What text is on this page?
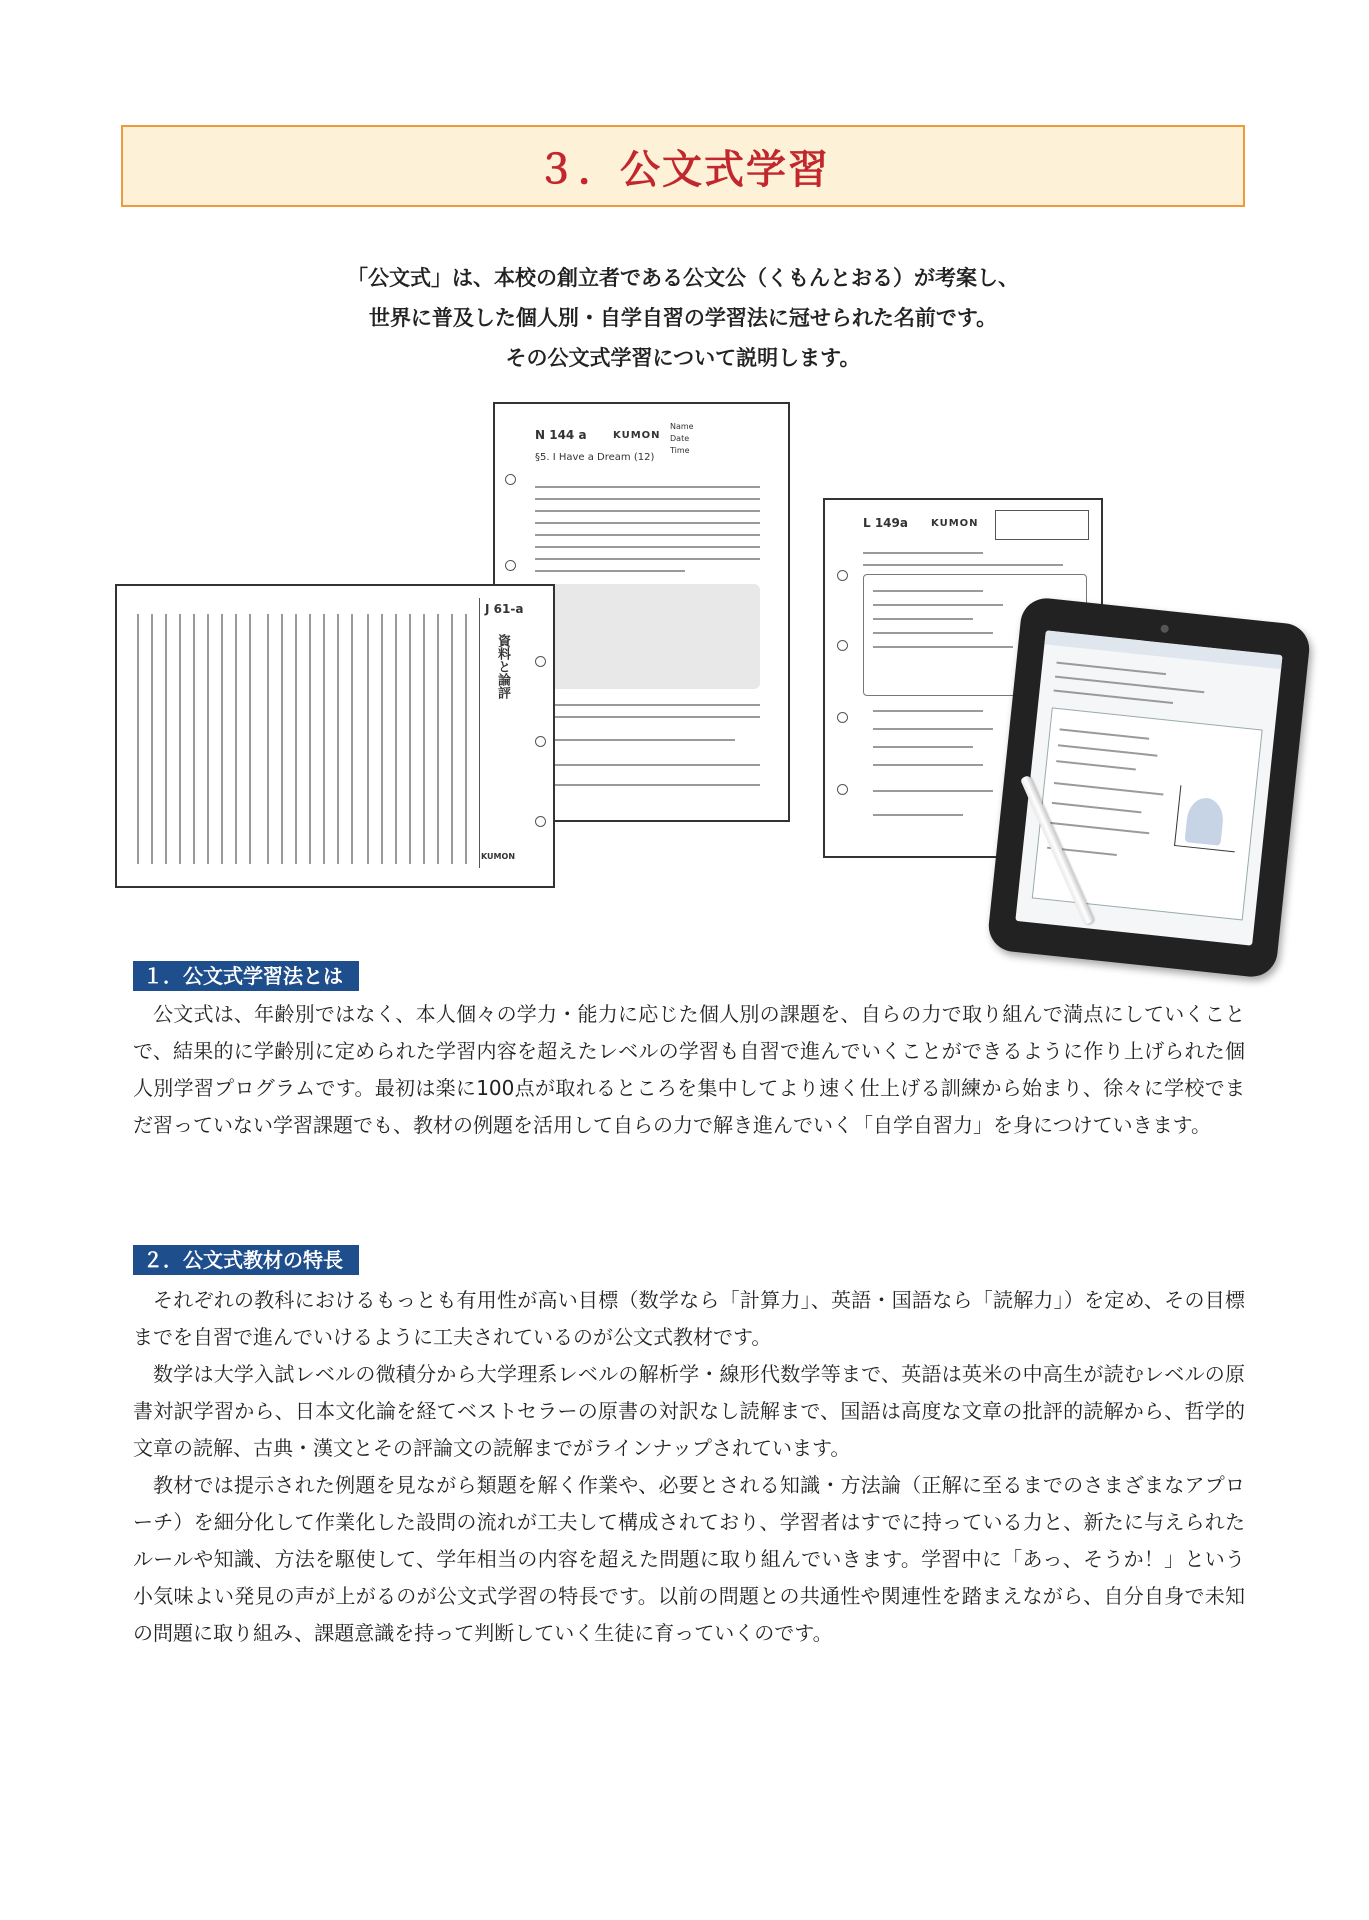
３．公文式学習

「公文式」は、本校の創立者である公文公（くもんとおる）が考案し、

世界に普及した個人別・自学自習の学習法に冠せられた名前です。

その公文式学習について説明します。

N 144 a	KUMON
Name
Date
Time
§5. I Have a Dream (12)
J 61-a
資料と論評
KUMON
L 149a KUMON
１．公文式学習法とは

公文式は、年齢別ではなく、本人個々の学力・能力に応じた個人別の課題を、自らの力で取り組んで満点にしていくことで、結果的に学齢別に定められた学習内容を超えたレベルの学習も自習で進んでいくことができるように作り上げられた個人別学習プログラムです。最初は楽に100点が取れるところを集中してより速く仕上げる訓練から始まり、徐々に学校でまだ習っていない学習課題でも、教材の例題を活用して自らの力で解き進んでいく「自学自習力」を身につけていきます。

２．公文式教材の特長

それぞれの教科におけるもっとも有用性が高い目標（数学なら「計算力」、英語・国語なら「読解力」）を定め、その目標までを自習で進んでいけるように工夫されているのが公文式教材です。

数学は大学入試レベルの微積分から大学理系レベルの解析学・線形代数学等まで、英語は英米の中高生が読むレベルの原書対訳学習から、日本文化論を経てベストセラーの原書の対訳なし読解まで、国語は高度な文章の批評的読解から、哲学的文章の読解、古典・漢文とその評論文の読解までがラインナップされています。

教材では提示された例題を見ながら類題を解く作業や、必要とされる知識・方法論（正解に至るまでのさまざまなアプローチ）を細分化して作業化した設問の流れが工夫して構成されており、学習者はすでに持っている力と、新たに与えられたルールや知識、方法を駆使して、学年相当の内容を超えた問題に取り組んでいきます。学習中に「あっ、そうか！」という小気味よい発見の声が上がるのが公文式学習の特長です。以前の問題との共通性や関連性を踏まえながら、自分自身で未知の問題に取り組み、課題意識を持って判断していく生徒に育っていくのです。
